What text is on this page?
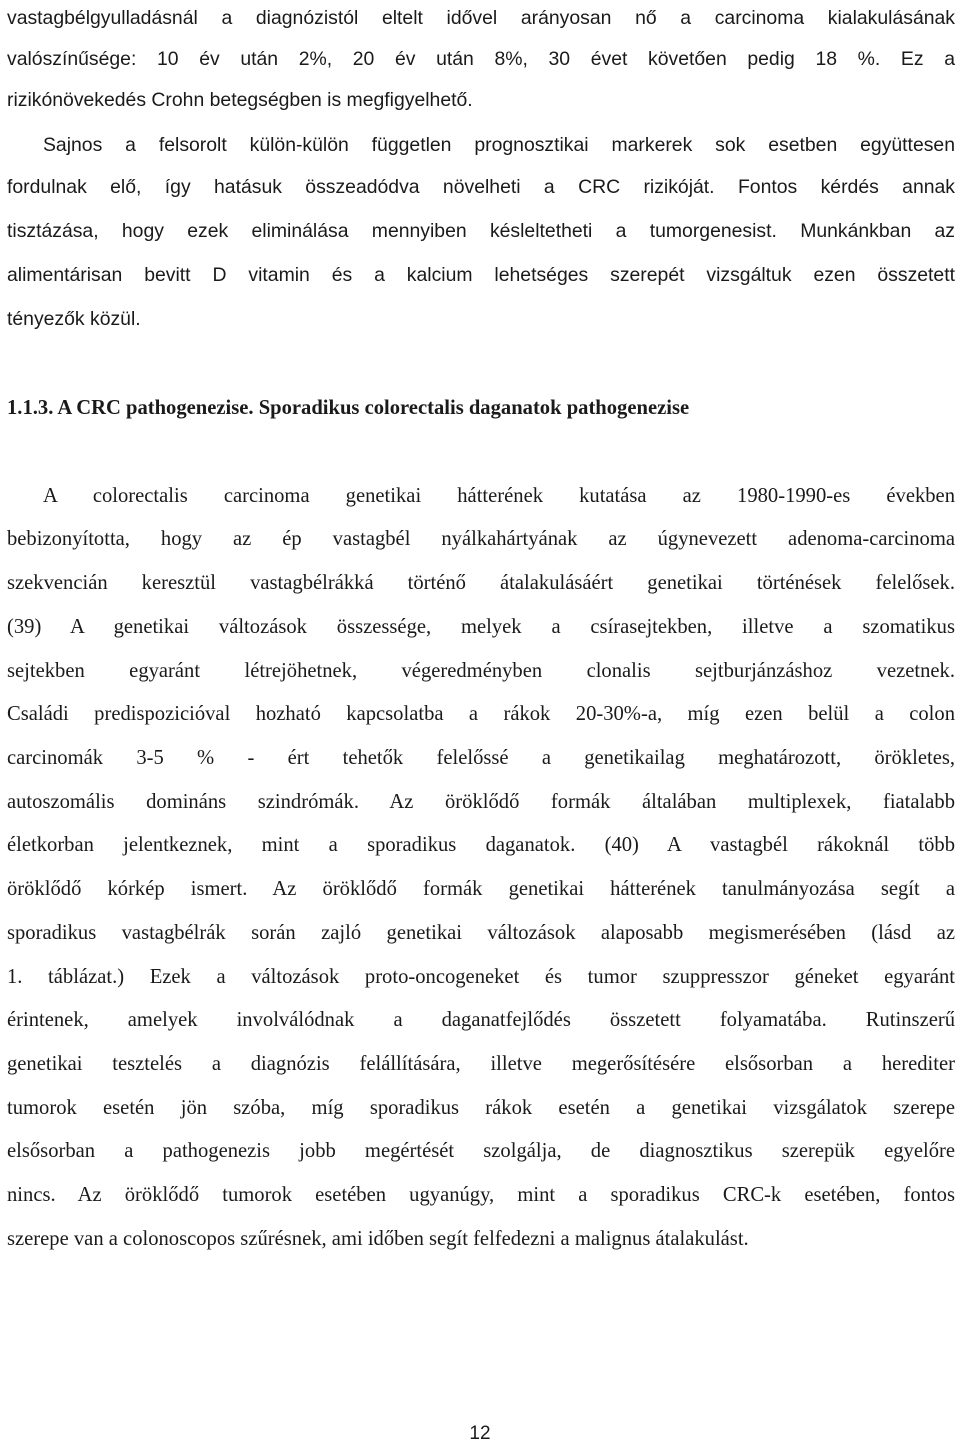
vastagbélgyulladásnál a diagnózistól eltelt idővel arányosan nő a carcinoma kialakulásának
valószínűsége: 10 év után 2%, 20 év után 8%, 30 évet követően pedig 18 %. Ez a
rizikónövekedés Crohn betegségben is megfigyelhető.
Sajnos a felsorolt külön-külön független prognosztikai markerek sok esetben együttesen
fordulnak elő, így hatásuk összeadódva növelheti a CRC rizikóját. Fontos kérdés annak
tisztázása, hogy ezek eliminálása mennyiben késleltetheti a tumorgenesist. Munkánkban az
alimentárisan bevitt D vitamin és a kalcium lehetséges szerepét vizsgáltuk ezen összetett
tényezők közül.
1.1.3. A CRC pathogenezise. Sporadikus colorectalis daganatok pathogenezise
A colorectalis carcinoma genetikai hátterének kutatása az 1980-1990-es években
bebizonyította, hogy az ép vastagbél nyálkahártyának az úgynevezett adenoma-carcinoma
szekvencián keresztül vastagbélrákká történő átalakulásáért genetikai történések felelősek.
(39) A genetikai változások összessége, melyek a csírasejtekben, illetve a szomatikus
sejtekben egyaránt létrejöhetnek, végeredményben clonalis sejtburjánzáshoz vezetnek.
Családi predispozicióval hozható kapcsolatba a rákok 20-30%-a, míg ezen belül a colon
carcinomák 3-5 % - ért tehetők felelőssé a genetikailag meghatározott, örökletes,
autoszomális domináns szindrómák. Az öröklődő formák általában multiplexek, fiatalabb
életkorban jelentkeznek, mint a sporadikus daganatok. (40) A vastagbél rákoknál több
öröklődő kórkép ismert. Az öröklődő formák genetikai hátterének tanulmányozása segít a
sporadikus vastagbélrák során zajló genetikai változások alaposabb megismerésében (lásd az
1. táblázat.) Ezek a változások proto-oncogeneket és tumor szuppresszor géneket egyaránt
érintenek, amelyek involválódnak a daganatfejlődés összetett folyamatába. Rutinszerű
genetikai tesztelés a diagnózis felállítására, illetve megerősítésére elsősorban a herediter
tumorok esetén jön szóba, míg sporadikus rákok esetén a genetikai vizsgálatok szerepe
elsősorban a pathogenezis jobb megértését szolgálja, de diagnosztikus szerepük egyelőre
nincs. Az öröklődő tumorok esetében ugyanúgy, mint a sporadikus CRC-k esetében, fontos
szerepe van a colonoscopos szűrésnek, ami időben segít felfedezni a malignus átalakulást.
12
